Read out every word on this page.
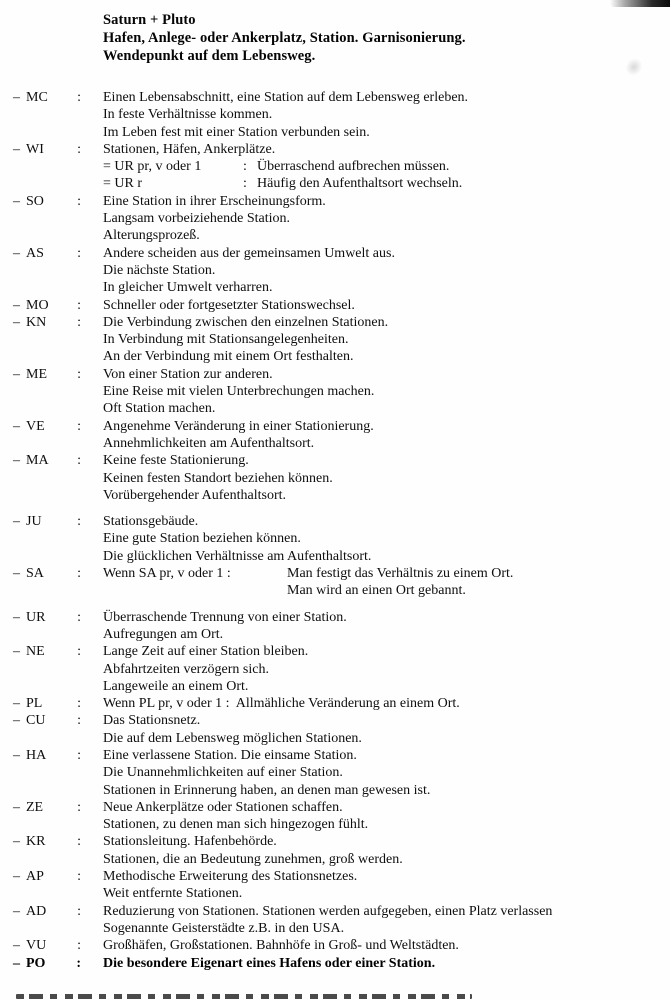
Saturn + Pluto
Hafen, Anlege- oder Ankerplatz, Station. Garnisonierung.
Wendepunkt auf dem Lebensweg.
– MC : Einen Lebensabschnitt, eine Station auf dem Lebensweg erleben.
In feste Verhältnisse kommen.
Im Leben fest mit einer Station verbunden sein.
– WI : Stationen, Häfen, Ankerplätze.
= UR pr, v oder 1	: Überraschend aufbrechen müssen.
= UR r	: Häufig den Aufenthaltsort wechseln.
– SO : Eine Station in ihrer Erscheinungsform.
Langsam vorbeiziehende Station.
Alterungsprozeß.
– AS : Andere scheiden aus der gemeinsamen Umwelt aus.
Die nächste Station.
In gleicher Umwelt verharren.
– MO : Schneller oder fortgesetzter Stationswechsel.
– KN : Die Verbindung zwischen den einzelnen Stationen.
In Verbindung mit Stationsangelegenheiten.
An der Verbindung mit einem Ort festhalten.
– ME : Von einer Station zur anderen.
Eine Reise mit vielen Unterbrechungen machen.
Oft Station machen.
– VE : Angenehme Veränderung in einer Stationierung.
Annehmlichkeiten am Aufenthaltsort.
– MA : Keine feste Stationierung.
Keinen festen Standort beziehen können.
Vorübergehender Aufenthaltsort.
– JU	: Stationsgebäude.
Eine gute Station beziehen können.
Die glücklichen Verhältnisse am Aufenthaltsort.
– SA : Wenn SA pr, v oder 1 :	Man festigt das Verhältnis zu einem Ort.
Man wird an einen Ort gebannt.
– UR : Überraschende Trennung von einer Station.
Aufregungen am Ort.
– NE : Lange Zeit auf einer Station bleiben.
Abfahrtzeiten verzögern sich.
Langeweile an einem Ort.
– PL : Wenn PL pr, v oder 1 :  Allmähliche Veränderung an einem Ort.
– CU : Das Stationsnetz.
Die auf dem Lebensweg möglichen Stationen.
– HA : Eine verlassene Station. Die einsame Station.
Die Unannehmlichkeiten auf einer Station.
Stationen in Erinnerung haben, an denen man gewesen ist.
– ZE : Neue Ankerplätze oder Stationen schaffen.
Stationen, zu denen man sich hingezogen fühlt.
– KR : Stationsleitung. Hafenbehörde.
Stationen, die an Bedeutung zunehmen, groß werden.
– AP : Methodische Erweiterung des Stationsnetzes.
Weit entfernte Stationen.
– AD : Reduzierung von Stationen. Stationen werden aufgegeben, einen Platz verlassen
Sogenannte Geisterstädte z.B. in den USA.
– VU : Großhäfen, Großstationen. Bahnhöfe in Groß- und Weltstädten.
– PO : Die besondere Eigenart eines Hafens oder einer Station.
